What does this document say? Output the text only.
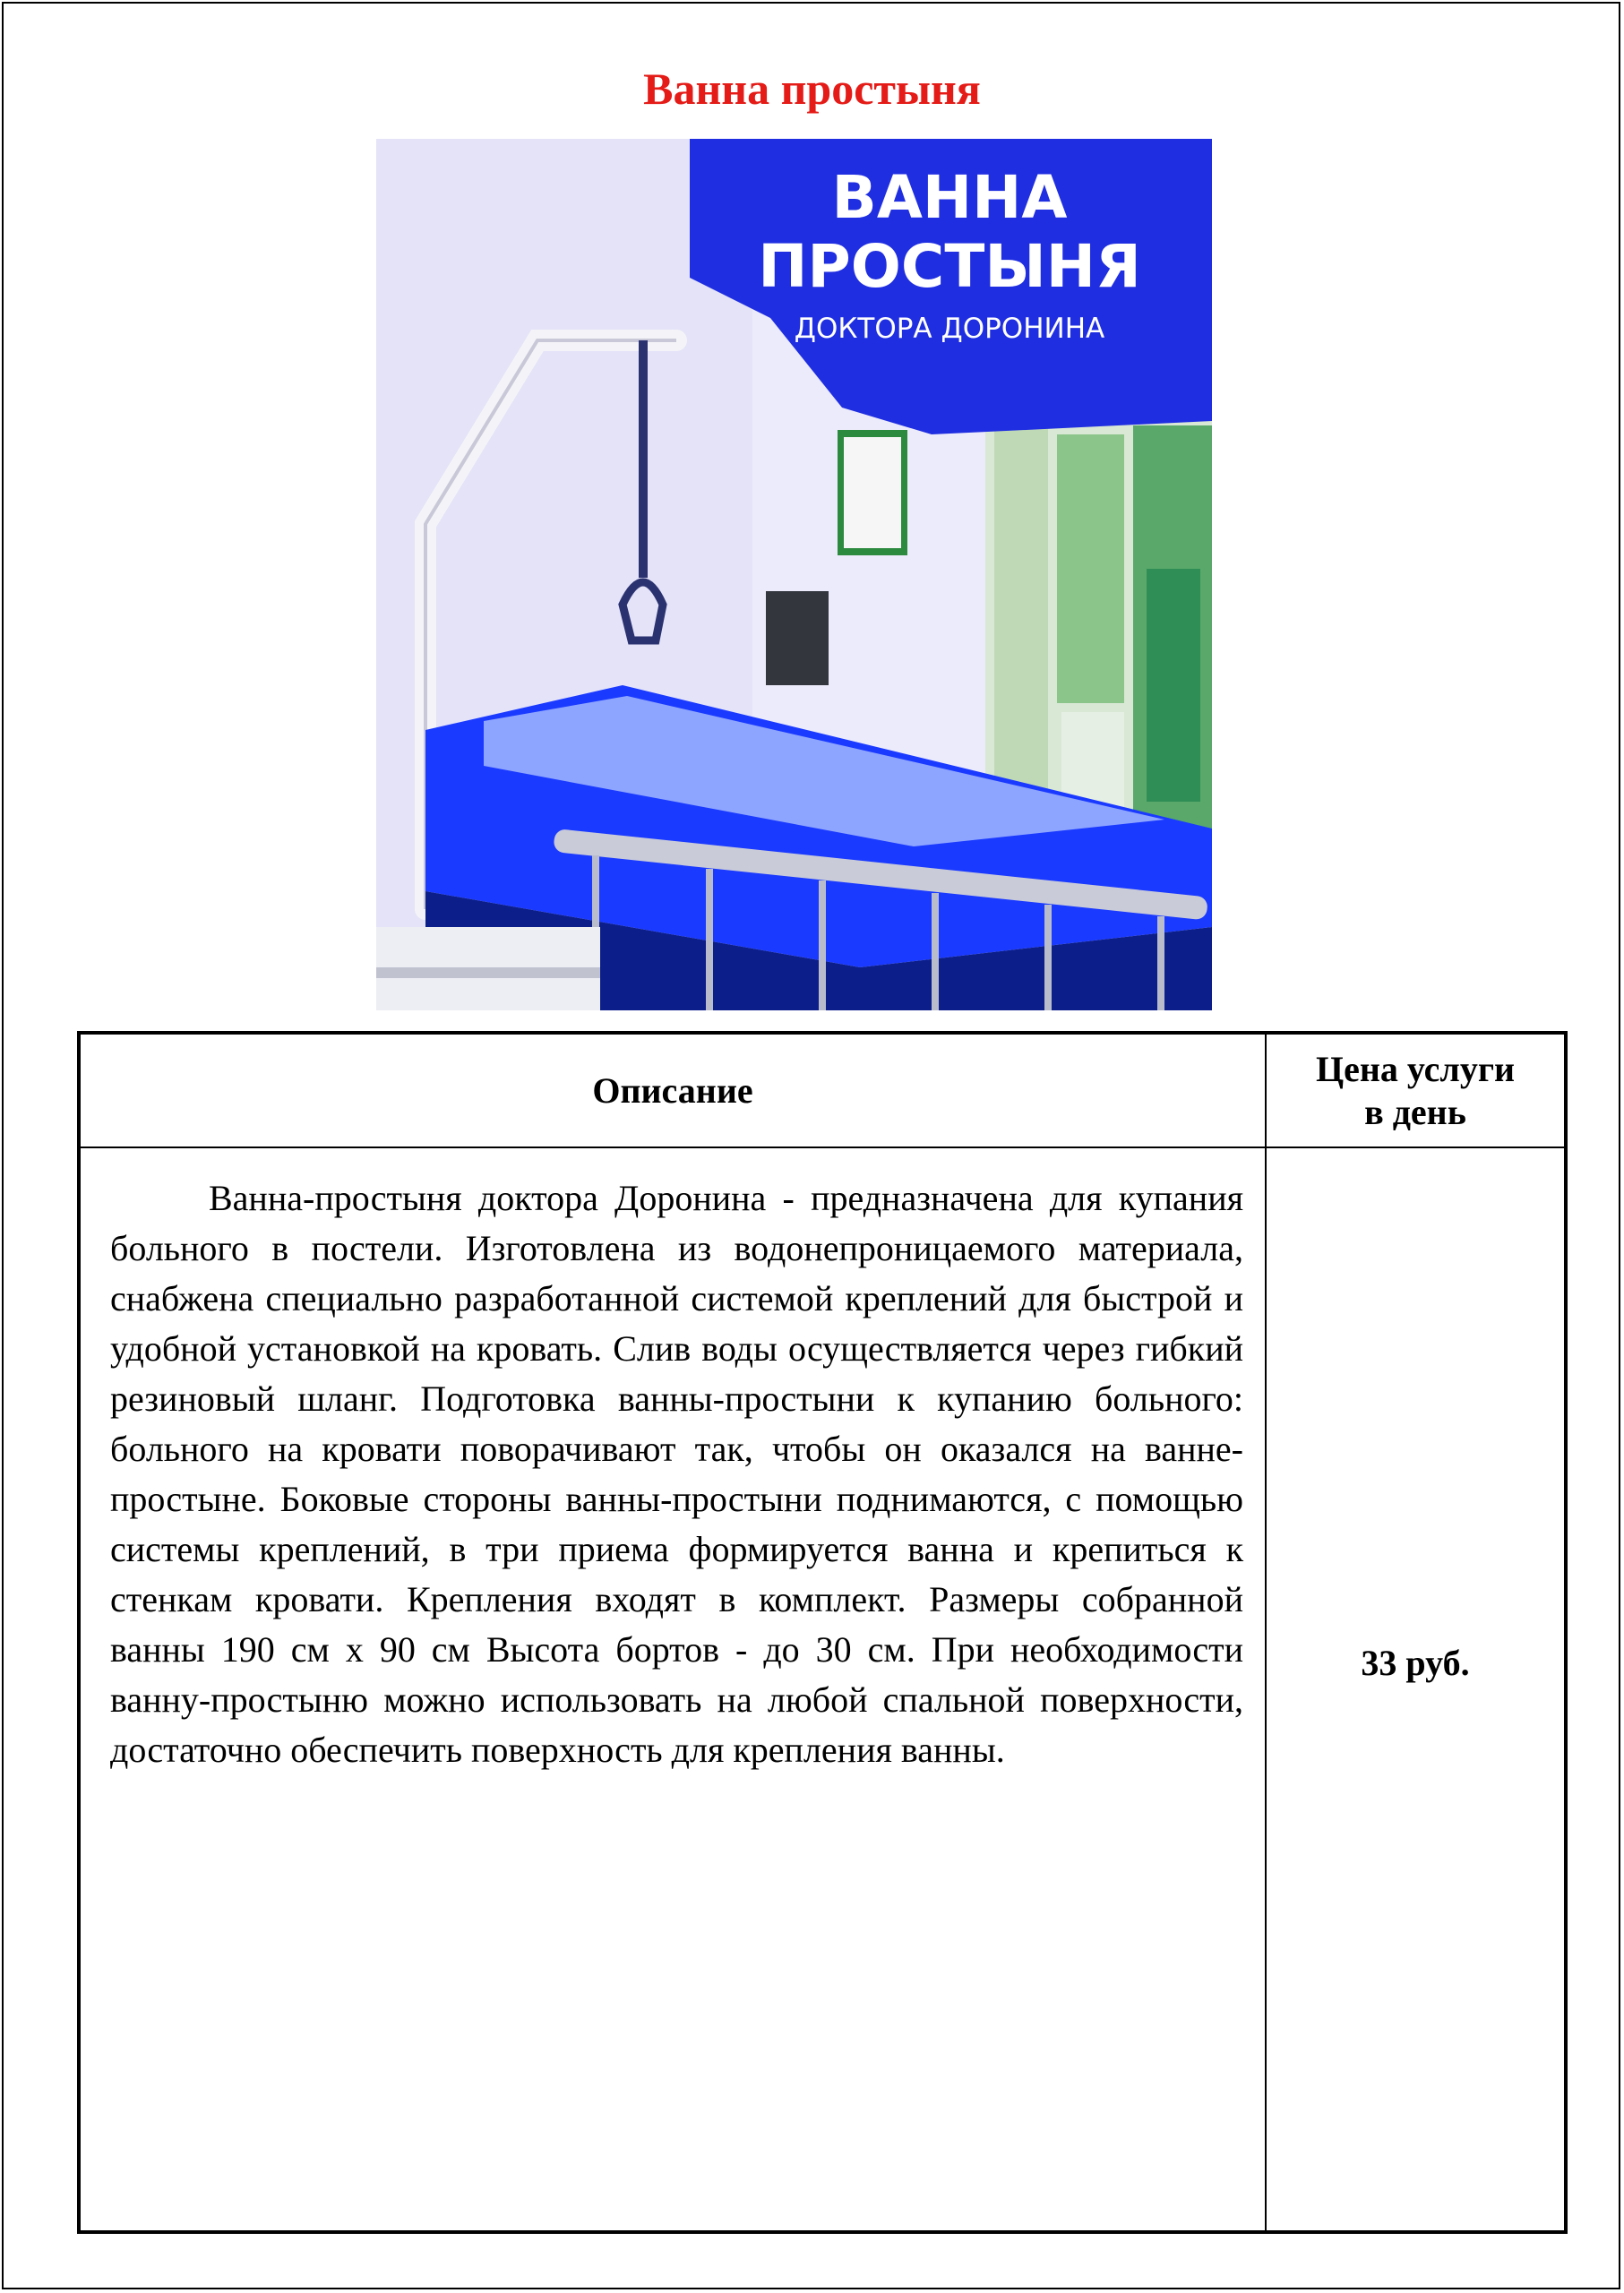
Ванна простыня
ВАННА
ПРОСТЫНЯ
ДОКТОРА ДОРОНИНА
Описание	Цена услуги в день

Ванна-простыня доктора Доронина - предназначена для купания больного в постели. Изготовлена из водонепроницаемого материала, снабжена специально разработанной системой креплений для быстрой и удобной установкой на кровать. Слив воды осуществляется через гибкий резиновый шланг. Подготовка ванны-простыни к купанию больного: больного на кровати поворачивают так, чтобы он оказался на ванне-простыне. Боковые стороны ванны-простыни поднимаются, с помощью системы креплений, в три приема формируется ванна и крепиться к стенкам кровати. Крепления входят в комплект. Размеры собранной ванны 190 см х 90 см Высота бортов - до 30 см. При необходимости ванну-простыню можно использовать на любой спальной поверхности, достаточно обеспечить поверхность для крепления ванны.	33 руб.
